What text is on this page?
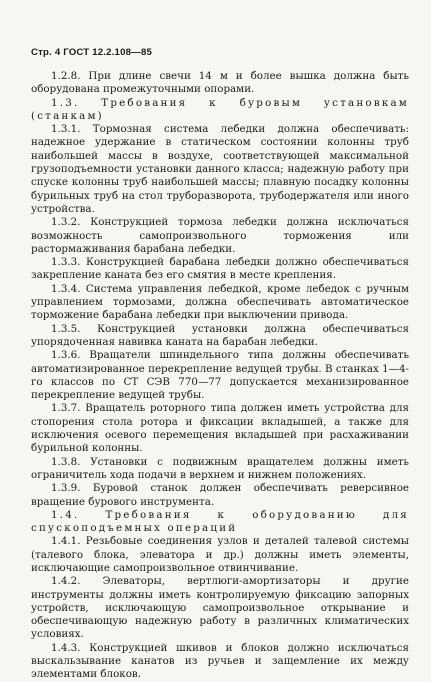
Стр. 4 ГОСТ 12.2.108—85

1.2.8. При длине свечи 14 м и более вышка должна быть оборудована промежуточными опорами.

1.3. Требования к буровым установкам (станкам)

1.3.1. Тормозная система лебедки должна обеспечивать: надежное удержание в статическом состоянии колонны труб наибольшей массы в воздухе, соответствующей максимальной грузоподъемности установки данного класса; надежную работу при спуске колонны труб наибольшей массы; плавную посадку колонны бурильных труб на стол труборазворота, трубодержателя или иного устройства.

1.3.2. Конструкцией тормоза лебедки должна исключаться возможность самопроизвольного торможения или растормаживания барабана лебедки.

1.3.3. Конструкцией барабана лебедки должно обеспечиваться закрепление каната без его смятия в месте крепления.

1.3.4. Система управления лебедкой, кроме лебедок с ручным управлением тормозами, должна обеспечивать автоматическое торможение барабана лебедки при выключении привода.

1.3.5. Конструкцией установки должна обеспечиваться упорядоченная навивка каната на барабан лебедки.

1.3.6. Вращатели шпиндельного типа должны обеспечивать автоматизированное перекрепление ведущей трубы. В станках 1—4-го классов по СТ СЭВ 770—77 допускается механизированное перекрепление ведущей трубы.

1.3.7. Вращатель роторного типа должен иметь устройства для стопорения стола ротора и фиксации вкладышей, а также для исключения осевого перемещения вкладышей при расхаживании бурильной колонны.

1.3.8. Установки с подвижным вращателем должны иметь ограничитель хода подачи в верхнем и нижнем положениях.

1.3.9. Буровой станок должен обеспечивать реверсивное вращение бурового инструмента.

1.4. Требования к оборудованию для спускоподъемных операций

1.4.1. Резьбовые соединения узлов и деталей талевой системы (талевого блока, элеватора и др.) должны иметь элементы, исключающие самопроизвольное отвинчивание.

1.4.2. Элеваторы, вертлюги-амортизаторы и другие инструменты должны иметь контролируемую фиксацию запорных устройств, исключающую самопроизвольное открывание и обеспечивающую надежную работу в различных климатических условиях.

1.4.3. Конструкцией шкивов и блоков должно исключаться выскальзывание канатов из ручьев и защемление их между элементами блоков.
